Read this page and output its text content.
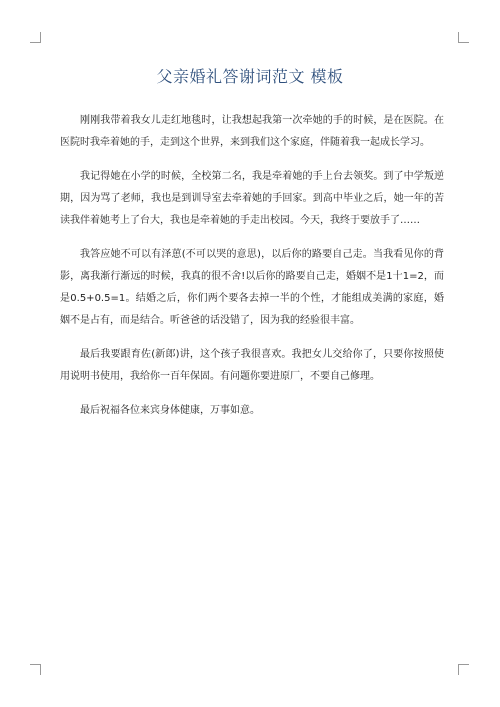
父亲婚礼答谢词范文 模板

刚刚我带着我女儿走红地毯时，让我想起我第一次牵她的手的时候，是在医院。在医院时我牵着她的手，走到这个世界，来到我们这个家庭，伴随着我一起成长学习。

我记得她在小学的时候，全校第二名，我是牵着她的手上台去领奖。到了中学叛逆期，因为骂了老师，我也是到训导室去牵着她的手回家。到高中毕业之后，她一年的苦读我伴着她考上了台大，我也是牵着她的手走出校园。今天，我终于要放手了……

我答应她不可以有泽葸(不可以哭的意思)，以后你的路要自己走。当我看见你的背影，离我渐行渐远的时候，我真的很不舍!以后你的路要自己走，婚姻不是1十1=2，而是0.5+0.5=1。结婚之后，你们两个要各去掉一半的个性，才能组成美满的家庭，婚姻不是占有，而是结合。听爸爸的话没错了，因为我的经验很丰富。

最后我要跟育佐(新郎)讲，这个孩子我很喜欢。我把女儿交给你了，只要你按照使用说明书使用，我给你一百年保固。有问题你要进原厂，不要自己修理。

最后祝福各位来宾身体健康，万事如意。
